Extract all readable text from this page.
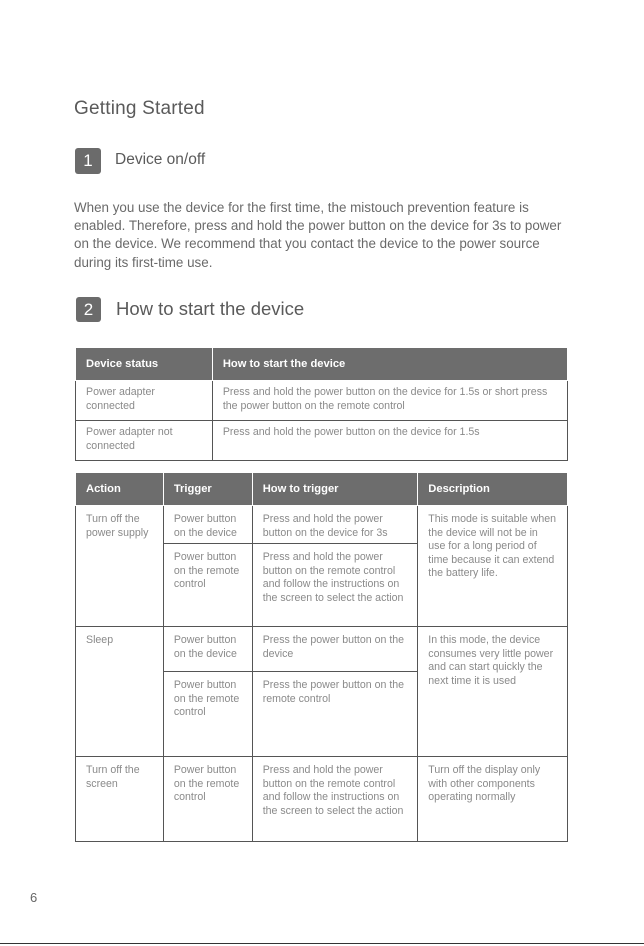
Getting Started
1	Device on/off
When you use the device for the first time, the mistouch prevention feature is enabled. Therefore, press and hold the power button on the device for 3s to power on the device. We recommend that you contact the device to the power source during its first-time use.
2	How to start the device
Device status	How to start the device
Power adapter connected	Press and hold the power button on the device for 1.5s or short press the power button on the remote control
Power adapter not connected	Press and hold the power button on the device for 1.5s
Action	Trigger	How to trigger	Description
Turn off the power supply	Power button on the device	Press and hold the power button on the device for 3s	This mode is suitable when the device will not be in use for a long period of time because it can extend the battery life.
	Power button on the remote control	Press and hold the power button on the remote control and follow the instructions on the screen to select the action	
Sleep	Power button on the device	Press the power button on the device	In this mode, the device consumes very little power and can start quickly the next time it is used
	Power button on the remote control	Press the power button on the remote control	
Turn off the screen	Power button on the remote control	Press and hold the power button on the remote control and follow the instructions on the screen to select the action	Turn off the display only with other components operating normally
6
